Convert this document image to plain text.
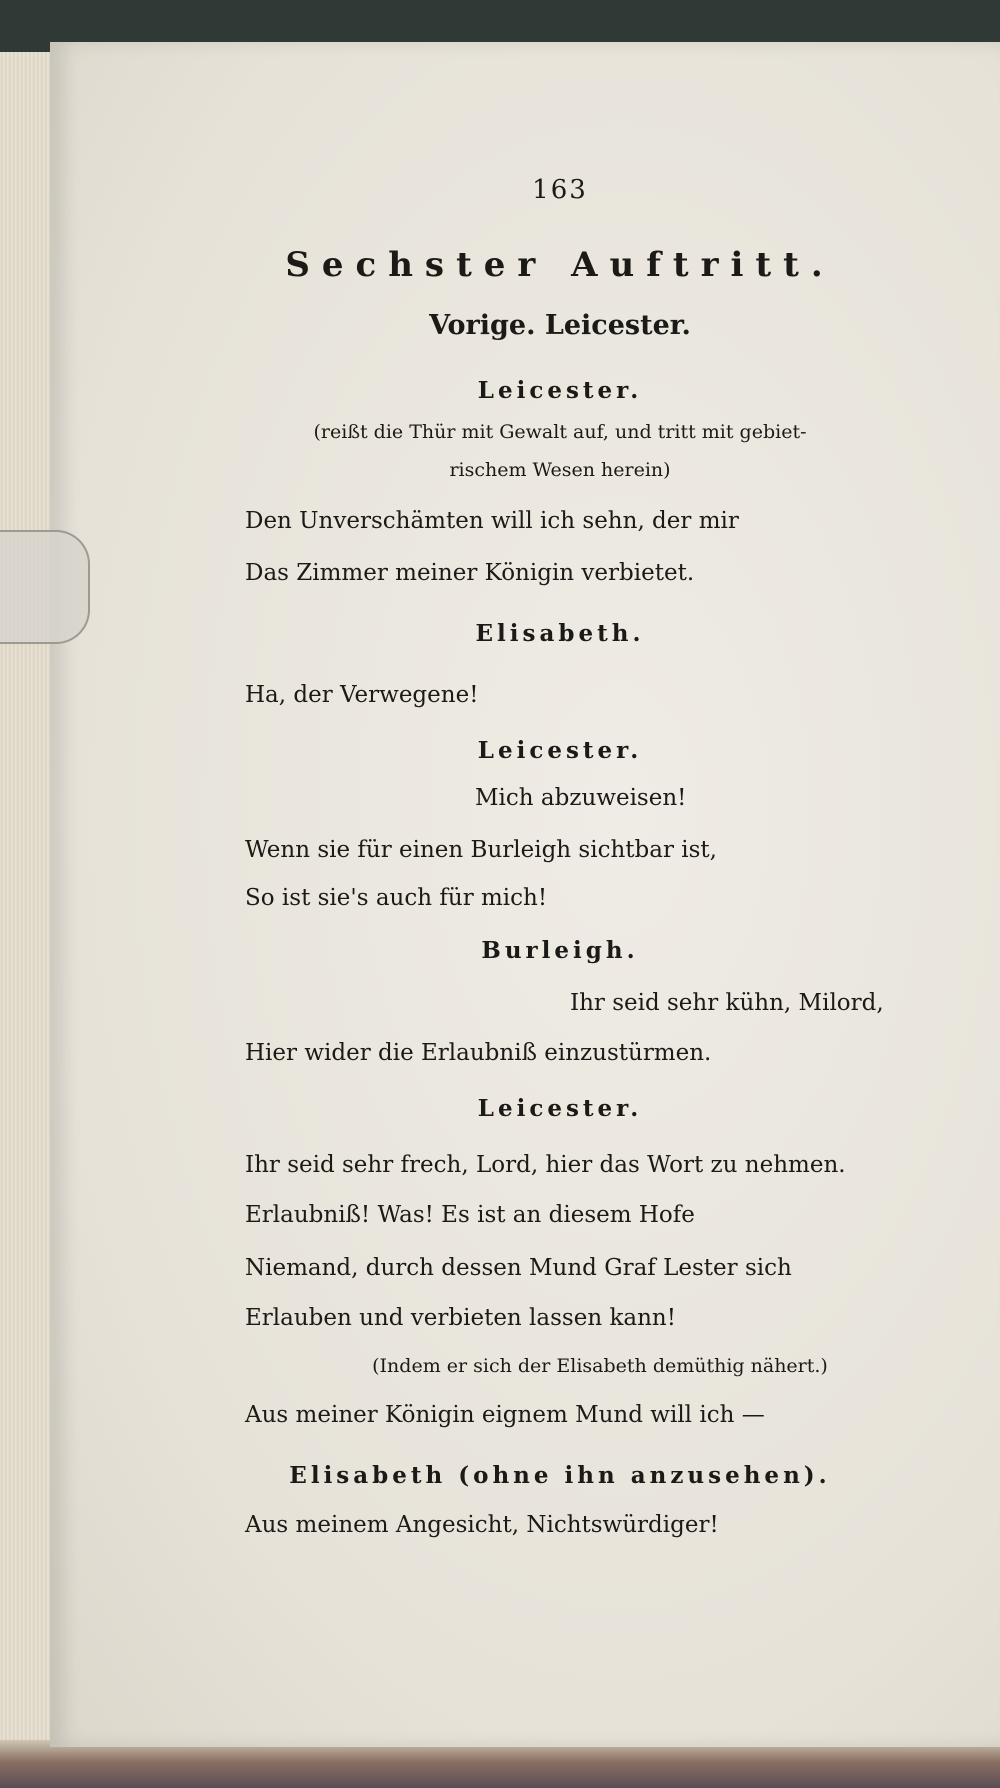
163
Sechster Auftritt.
Vorige. Leicester.
Leicester.
(reißt die Thür mit Gewalt auf, und tritt mit gebiet-
rischem Wesen herein)
Den Unverschämten will ich sehn, der mir
Das Zimmer meiner Königin verbietet.
Elisabeth.
Ha, der Verwegene!
Leicester.
Mich abzuweisen!
Wenn sie für einen Burleigh sichtbar ist,
So ist sie's auch für mich!
Burleigh.
Ihr seid sehr kühn, Milord,
Hier wider die Erlaubniß einzustürmen.
Leicester.
Ihr seid sehr frech, Lord, hier das Wort zu nehmen.
Erlaubniß! Was! Es ist an diesem Hofe
Niemand, durch dessen Mund Graf Lester sich
Erlauben und verbieten lassen kann!
(Indem er sich der Elisabeth demüthig nähert.)
Aus meiner Königin eignem Mund will ich —
Elisabeth (ohne ihn anzusehen).
Aus meinem Angesicht, Nichtswürdiger!
